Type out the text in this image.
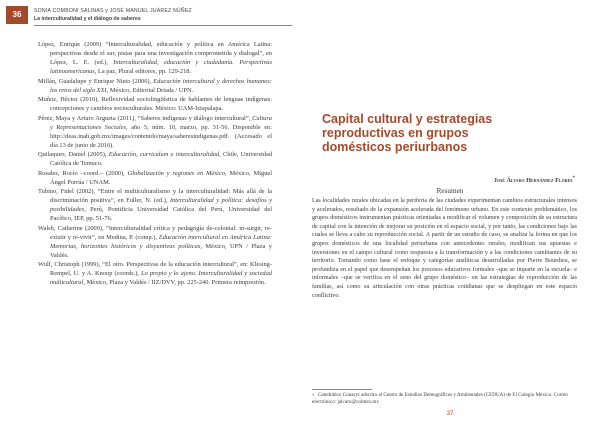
36	SONIA COMBONI SALINAS y JOSÉ MANUEL JUÁREZ NÚÑEZ
La interculturalidad y el diálogo de saberes

López, Enrique (2009) “Interculturalidad, educación y política en América Latina: perspectivas desde el sur, pistas para una investigación comprometida y dialogal”, en López, L. E. (ed.), Interculturalidad, educación y ciudadanía. Perspectivas latinoamericanas, La paz, Plural editores, pp. 129-218.

Millán, Guadalupe y Enrique Nieto (2006), Educación intercultural y derechos humanos: los retos del siglo XXI, México, Editorial Driada / UPN.

Muñoz, Héctor (2010), Reflexividad sociolingüística de hablantes de lenguas indígenas: concepciones y cambios socioculturales. México: UAM-Iztapalapa.

Pérez, Maya y Arturo Argueta (2011), “Saberes indígenas y diálogo intercultural”, Cultura y Representaciones Sociales, año 5, núm. 10, marzo, pp. 31-56. Disponible en: http://deas.inah.gob.mx/images/contenido/maya/saberesindigenas.pdf. (Accesado el día 13 de junio de 2016).

Quilaqueo, Daniel (2005), Educación, curriculum e interculturalidad, Chile, Universidad Católica de Temuco.

Rosales, Rocío –coord.– (2000), Globalización y regiones en México, México, Miguel Ángel Porrúa / UNAM.

Tubino, Fidel (2002), “Entre el multiculturalismo y la interculturalidad: Más allá de la discriminación positiva”, en Fuller, N. (ed.), Interculturalidad y política: desafíos y posibilidades, Perú, Pontificia Universidad Católica del Perú, Universidad del Pacífico, IEP, pp. 51-76.

Walsh, Catherine (2009), “Interculturalidad crítica y pedagogía de-colonial: in-surgir, re-existir y re-vivir”, en Medina, P. (comp.), Educación intercultural en América Latina: Memorias, horizontes históricos y disyuntivas políticas, México, UPN / Plaza y Valdés.

Wulf, Christoph (1999), “El otro. Perspectivas de la educación intercultural”, en: Klesing-Rempel, U. y A. Knoop (coords.), Lo propio y lo ajeno. Interculturalidad y sociedad multicultural, México, Plaza y Valdés / IIZ/DVV, pp. 225-240. Primera reimpresión.

Capital cultural y estrategias reproductivas en grupos domésticos periurbanos
José Álvaro Hernández Flores*
Resumen

Las localidades rurales ubicadas en la periferia de las ciudades experimentan cambios estructurales intensos y acelerados, resultado de la expansión acelerada del fenómeno urbano. En este contexto problemático, los grupos domésticos instrumentan prácticas orientadas a modificar el volumen y composición de su estructura de capital con la intención de mejorar su posición en el espacio social, y por tanto, las condiciones bajo las cuales se lleva a cabo su reproducción social. A partir de un estudio de caso, se analiza la forma en que los grupos domésticos de una localidad periurbana con antecedentes rurales, modifican sus apuestas e inversiones en el campo cultural como respuesta a la transformación y a las condiciones cambiantes de su territorio. Tomando como base el enfoque y categorías analíticas desarrolladas por Pierre Bourdieu, se profundiza en el papel que desempeñan los procesos educativos formales –que se imparte en la escuela– e informales –que se verifica en el seno del grupo doméstico– en las estrategias de reproducción de las familias, así como su articulación con otras prácticas cotidianas que se despliegan en este espacio conflictivo.

* Catedrático Conacyt adscrito al Centro de Estudios Demográficos y Ambientales (CEDUA) de El Colegio México. Correo electrónico: jalvaro@colmex.mx
37
